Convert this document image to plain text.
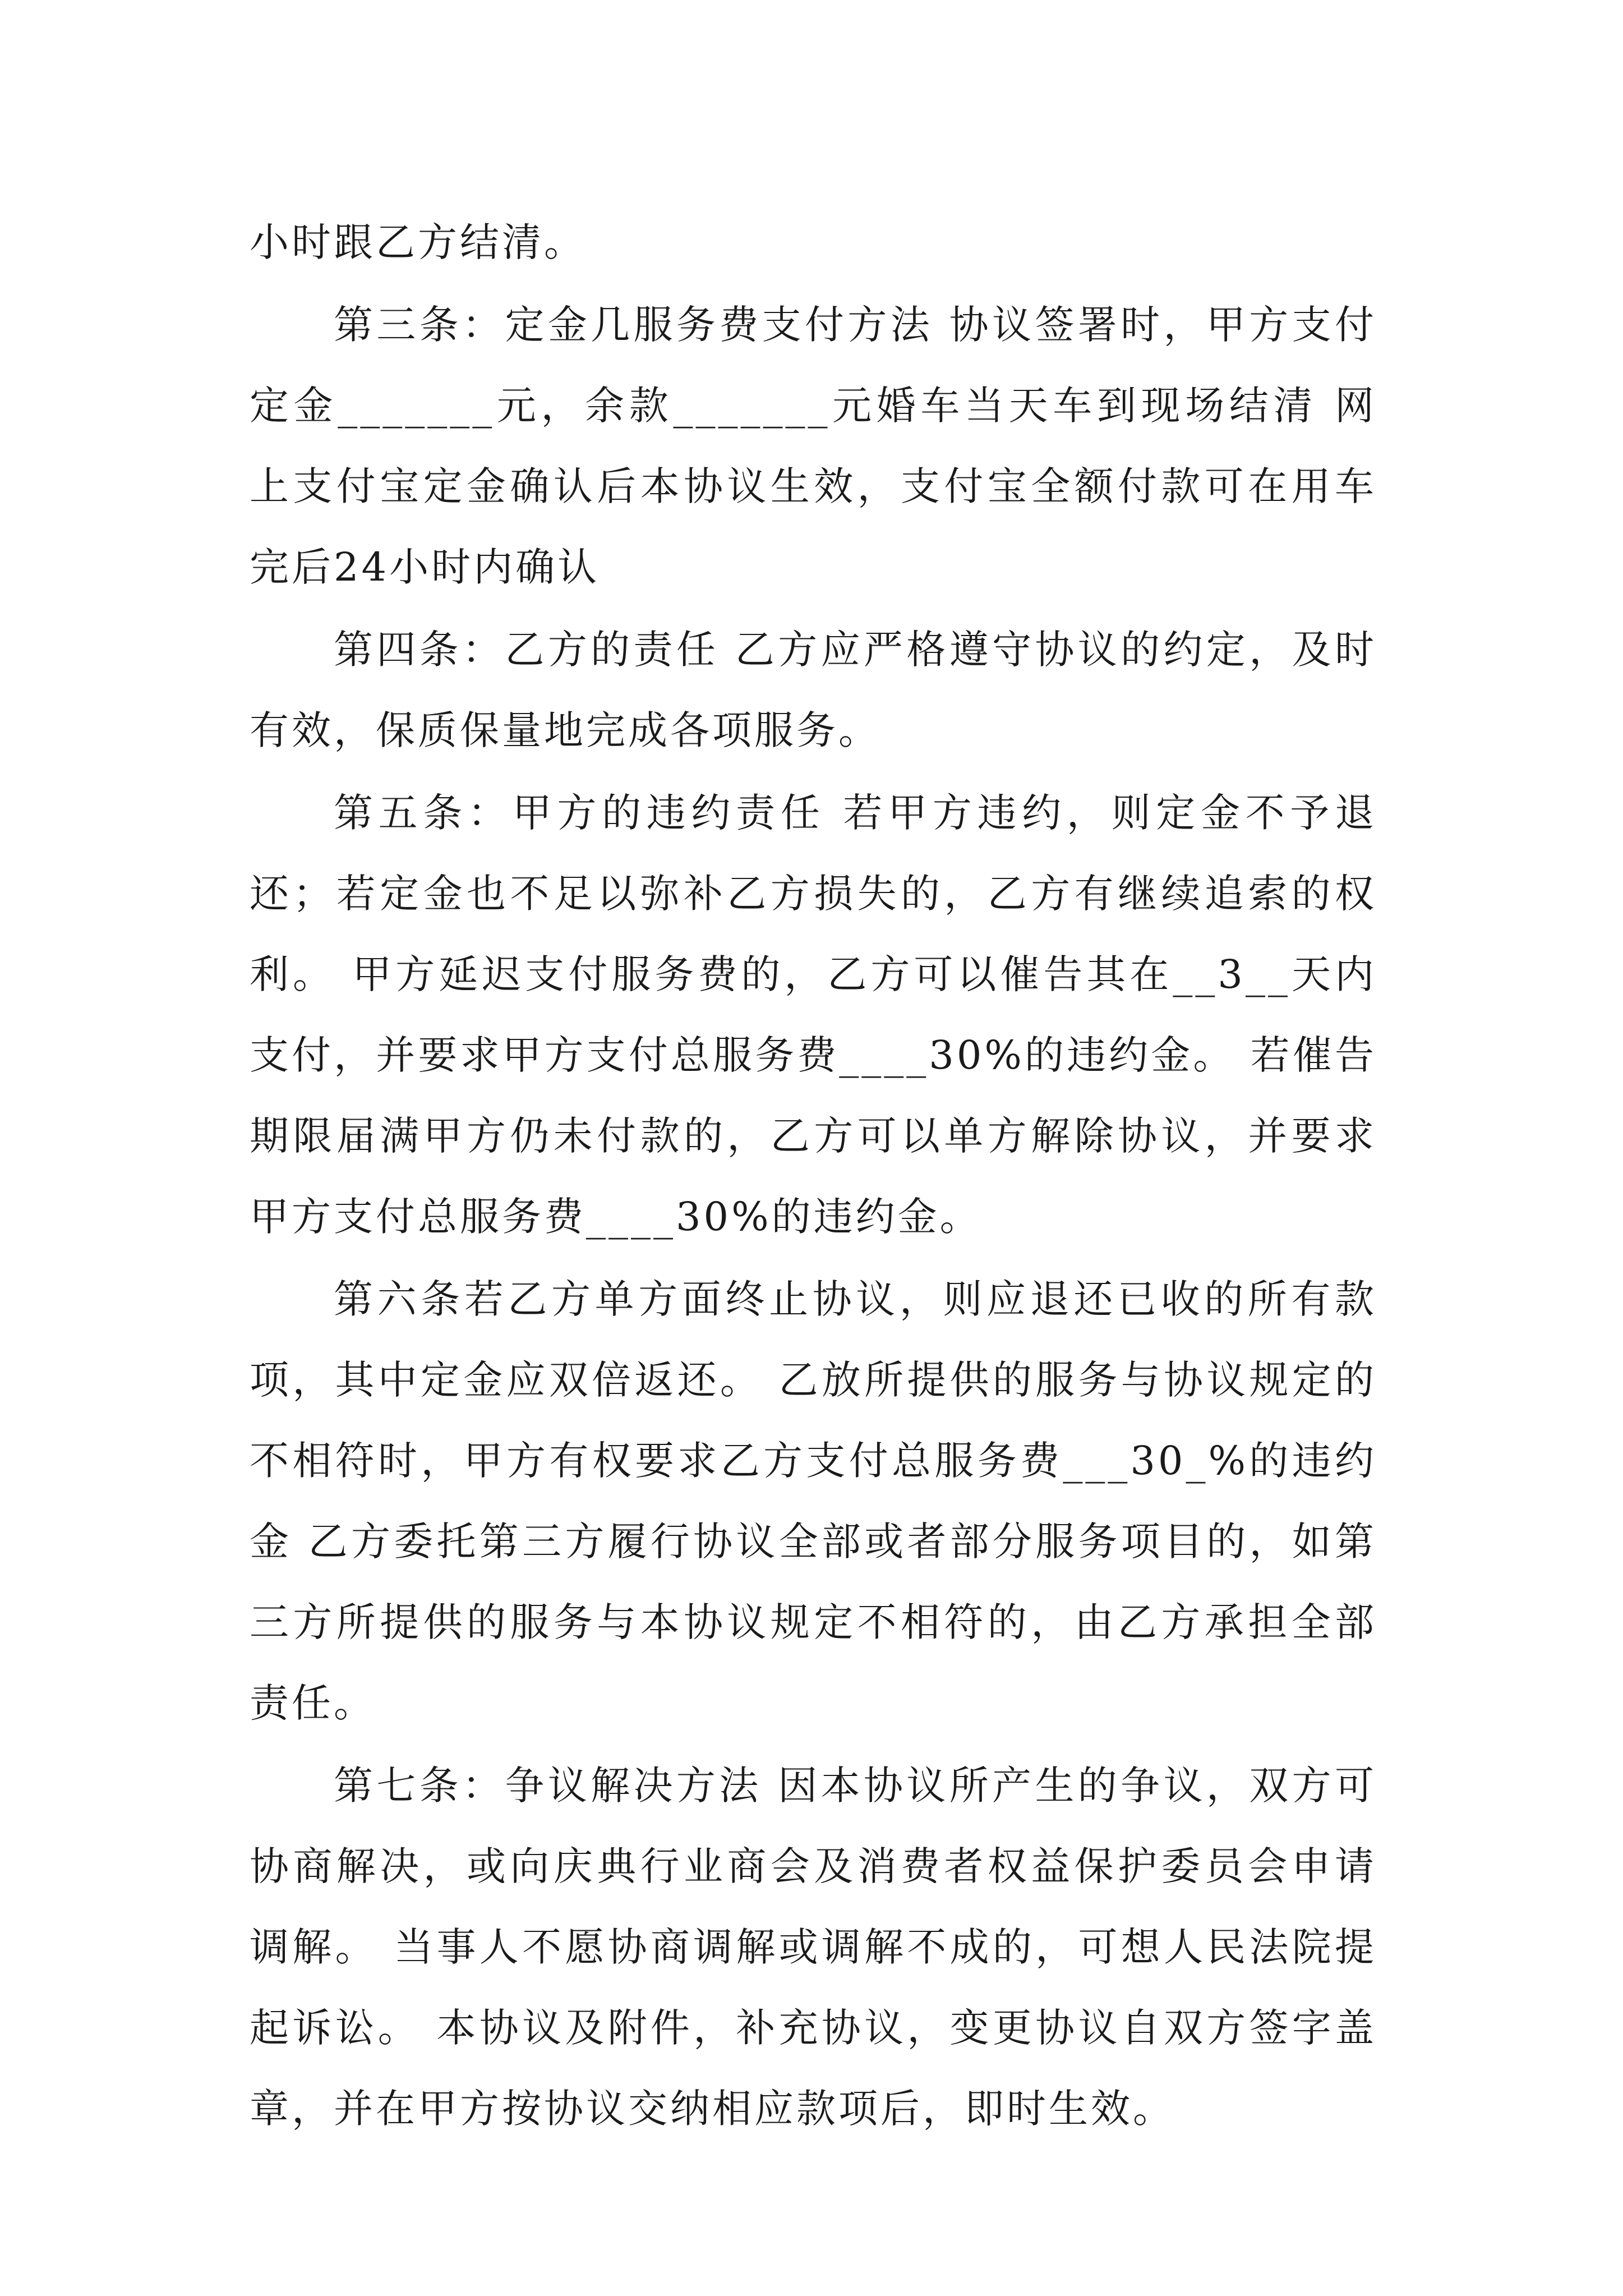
小时跟乙方结清。

第三条：定金几服务费支付方法 协议签署时，甲方支付定金_______元，余款_______元婚车当天车到现场结清 网上支付宝定金确认后本协议生效，支付宝全额付款可在用车完后24小时内确认

第四条：乙方的责任 乙方应严格遵守协议的约定，及时有效，保质保量地完成各项服务。

第五条：甲方的违约责任 若甲方违约，则定金不予退还；若定金也不足以弥补乙方损失的，乙方有继续追索的权利。 甲方延迟支付服务费的，乙方可以催告其在__3__天内支付，并要求甲方支付总服务费____30%的违约金。 若催告期限届满甲方仍未付款的，乙方可以单方解除协议，并要求甲方支付总服务费____30%的违约金。

第六条若乙方单方面终止协议，则应退还已收的所有款项，其中定金应双倍返还。 乙放所提供的服务与协议规定的不相符时，甲方有权要求乙方支付总服务费___30_%的违约金 乙方委托第三方履行协议全部或者部分服务项目的，如第三方所提供的服务与本协议规定不相符的，由乙方承担全部责任。

第七条：争议解决方法 因本协议所产生的争议，双方可协商解决，或向庆典行业商会及消费者权益保护委员会申请调解。 当事人不愿协商调解或调解不成的，可想人民法院提起诉讼。 本协议及附件，补充协议，变更协议自双方签字盖章，并在甲方按协议交纳相应款项后，即时生效。
